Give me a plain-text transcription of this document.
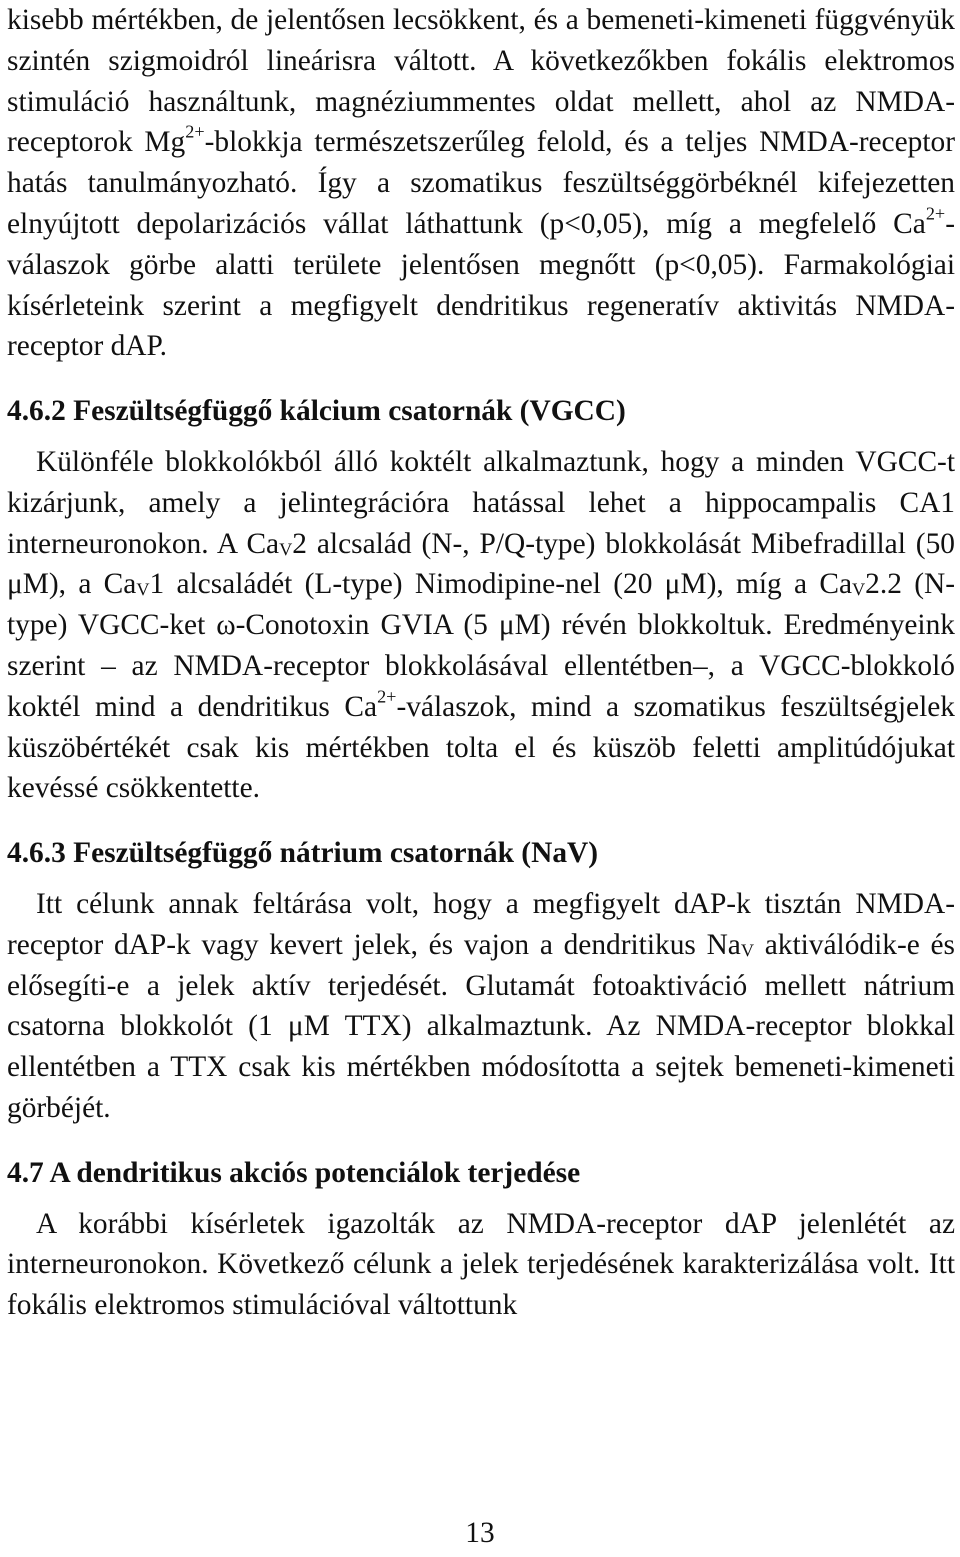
kisebb mértékben, de jelentősen lecsökkent, és a bemeneti-kimeneti függvényük szintén szigmoidról lineárisra váltott. A következőkben fokális elektromos stimuláció használtunk, magnéziummentes oldat mellett, ahol az NMDA-receptorok $Mg^{2+}$-blokkja természetszerűleg felold, és a teljes NMDA-receptor hatás tanulmányozható. Így a szomatikus feszültséggörbéknél kifejezetten elnyújtott depolarizációs vállat láthattunk (p<0,05), míg a megfelelő $Ca^{2+}$-válaszok görbe alatti területe jelentősen megnőtt (p<0,05). Farmakológiai kísérleteink szerint a megfigyelt dendritikus regeneratív aktivitás NMDA-receptor dAP.

4.6.2 Feszültségfüggő kálcium csatornák (VGCC)

Különféle blokkolókból álló koktélt alkalmaztunk, hogy a minden VGCC-t kizárjunk, amely a jelintegrációra hatással lehet a hippocampalis CA1 interneuronokon. A $Ca_V2$ alcsalád (N-, P/Q-type) blokkolását Mibefradillal (50 μM), a $Ca_V1$ alcsaládét (L-type) Nimodipine-nel (20 μM), míg a $Ca_V2.2$ (N-type) VGCC-ket ω-Conotoxin GVIA (5 μM) révén blokkoltuk. Eredményeink szerint – az NMDA-receptor blokkolásával ellentétben–, a VGCC-blokkoló koktél mind a dendritikus $Ca^{2+}$-válaszok, mind a szomatikus feszültségjelek küszöbértékét csak kis mértékben tolta el és küszöb feletti amplitúdójukat kevéssé csökkentette.

4.6.3 Feszültségfüggő nátrium csatornák (NaV)

Itt célunk annak feltárása volt, hogy a megfigyelt dAP-k tisztán NMDA-receptor dAP-k vagy kevert jelek, és vajon a dendritikus $Na_V$ aktiválódik-e és elősegíti-e a jelek aktív terjedését. Glutamát fotoaktiváció mellett nátrium csatorna blokkolót (1 μM TTX) alkalmaztunk. Az NMDA-receptor blokkal ellentétben a TTX csak kis mértékben módosította a sejtek bemeneti-kimeneti görbéjét.

4.7 A dendritikus akciós potenciálok terjedése

A korábbi kísérletek igazolták az NMDA-receptor dAP jelenlétét az interneuronokon. Következő célunk a jelek terjedésének karakterizálása volt. Itt fokális elektromos stimulációval váltottunk

13
